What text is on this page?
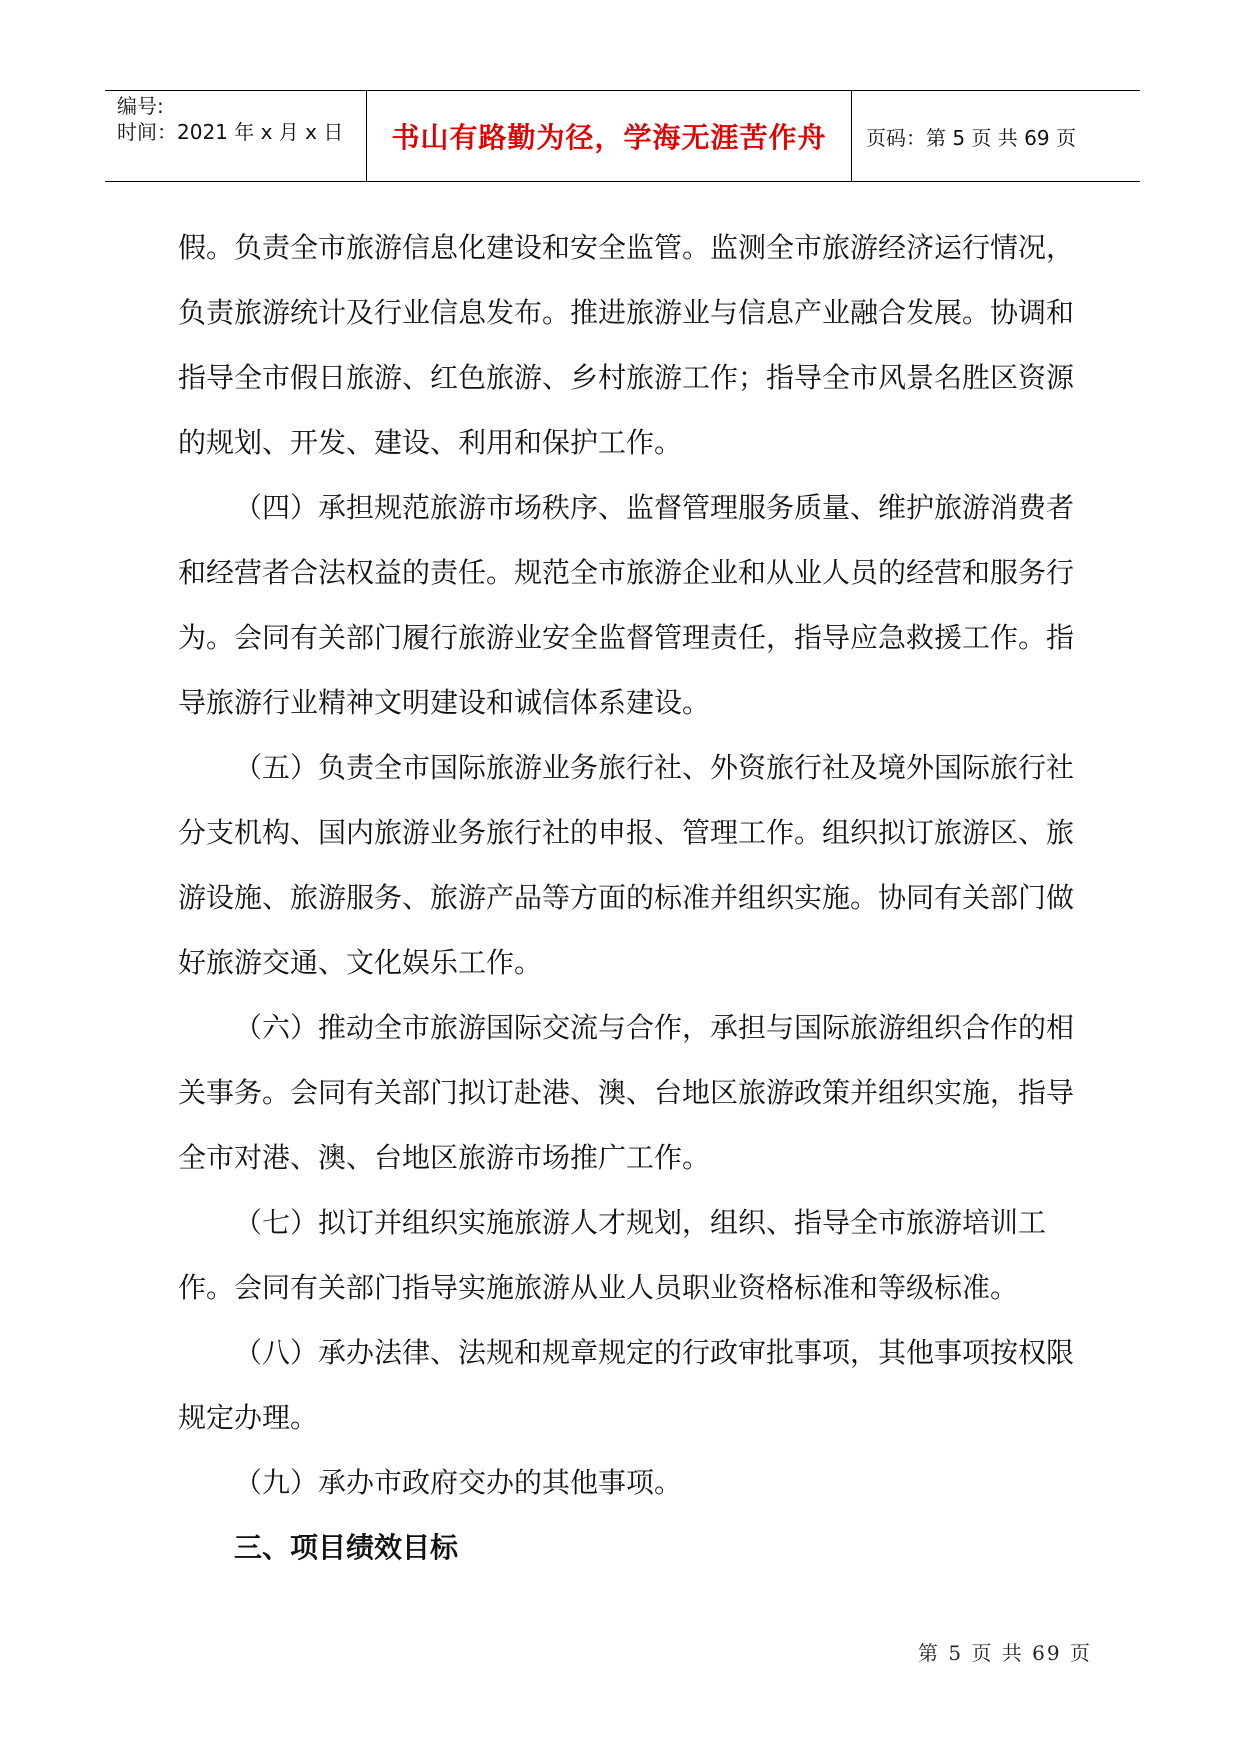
编号:
时间：2021 年 x 月 x 日	书山有路勤为径，学海无涯苦作舟	页码：第 5 页 共 69 页

假。负责全市旅游信息化建设和安全监管。监测全市旅游经济运行情况，负责旅游统计及行业信息发布。推进旅游业与信息产业融合发展。协调和指导全市假日旅游、红色旅游、乡村旅游工作；指导全市风景名胜区资源的规划、开发、建设、利用和保护工作。

（四）承担规范旅游市场秩序、监督管理服务质量、维护旅游消费者和经营者合法权益的责任。规范全市旅游企业和从业人员的经营和服务行为。会同有关部门履行旅游业安全监督管理责任，指导应急救援工作。指导旅游行业精神文明建设和诚信体系建设。

（五）负责全市国际旅游业务旅行社、外资旅行社及境外国际旅行社分支机构、国内旅游业务旅行社的申报、管理工作。组织拟订旅游区、旅游设施、旅游服务、旅游产品等方面的标准并组织实施。协同有关部门做好旅游交通、文化娱乐工作。

（六）推动全市旅游国际交流与合作，承担与国际旅游组织合作的相关事务。会同有关部门拟订赴港、澳、台地区旅游政策并组织实施，指导全市对港、澳、台地区旅游市场推广工作。

（七）拟订并组织实施旅游人才规划，组织、指导全市旅游培训工作。会同有关部门指导实施旅游从业人员职业资格标准和等级标准。

（八）承办法律、法规和规章规定的行政审批事项，其他事项按权限规定办理。

（九）承办市政府交办的其他事项。

三、项目绩效目标

第 5 页 共 69 页
